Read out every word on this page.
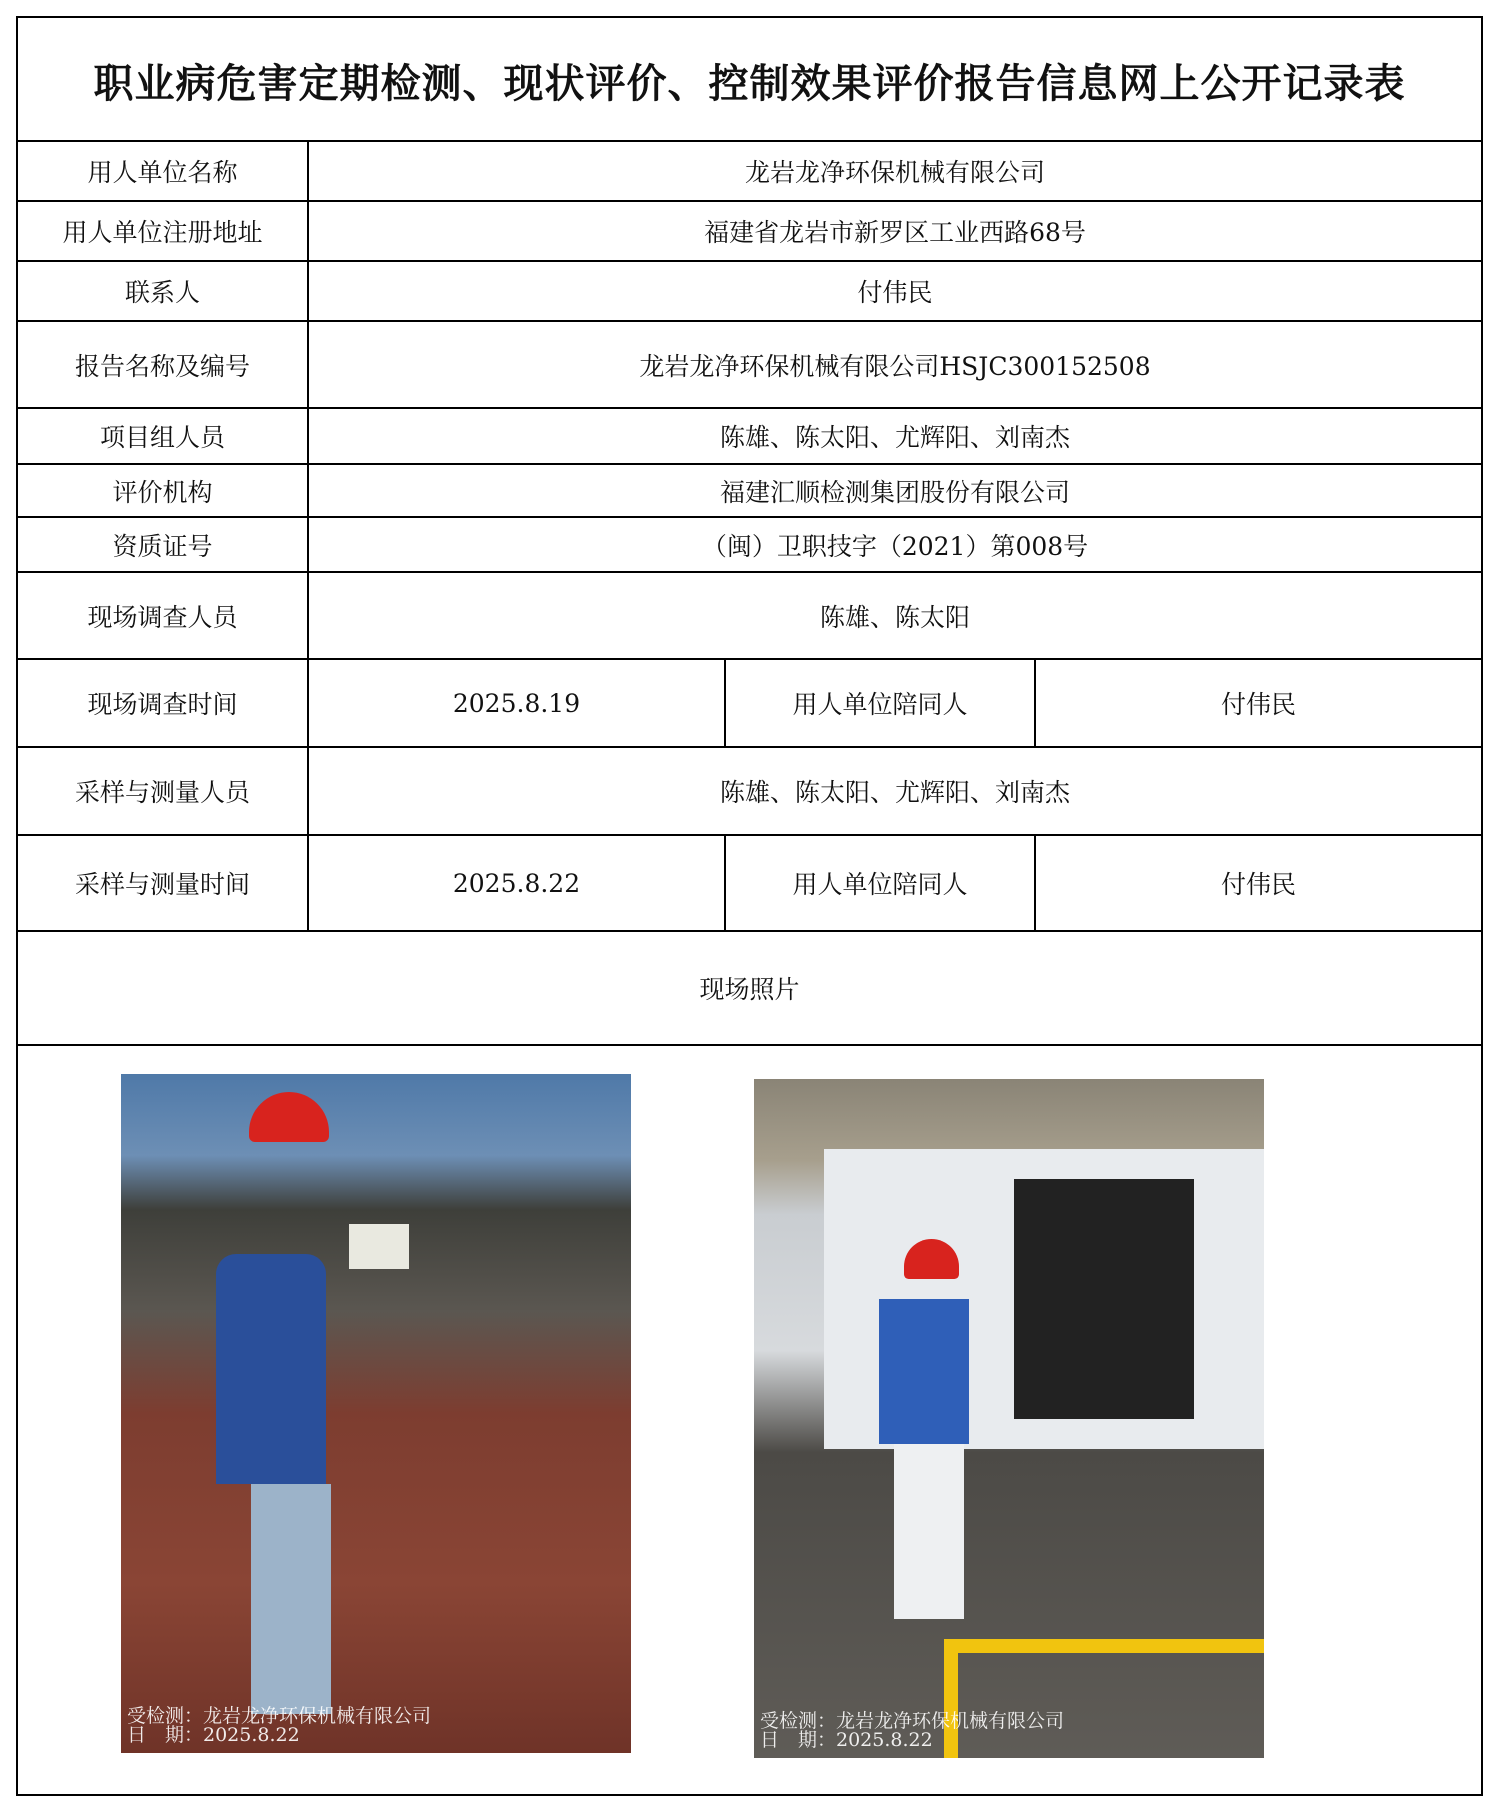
职业病危害定期检测、现状评价、控制效果评价报告信息网上公开记录表
用人单位名称	龙岩龙净环保机械有限公司
用人单位注册地址	福建省龙岩市新罗区工业西路68号
联系人	付伟民
报告名称及编号	龙岩龙净环保机械有限公司HSJC300152508
项目组人员	陈雄、陈太阳、尤辉阳、刘南杰
评价机构	福建汇顺检测集团股份有限公司
资质证号	（闽）卫职技字（2021）第008号
现场调查人员	陈雄、陈太阳
现场调查时间	2025.8.19	用人单位陪同人	付伟民
采样与测量人员	陈雄、陈太阳、尤辉阳、刘南杰
采样与测量时间	2025.8.22	用人单位陪同人	付伟民
现场照片
受检测：龙岩龙净环保机械有限公司
日　期：2025.8.22
受检测：龙岩龙净环保机械有限公司
日　期：2025.8.22
